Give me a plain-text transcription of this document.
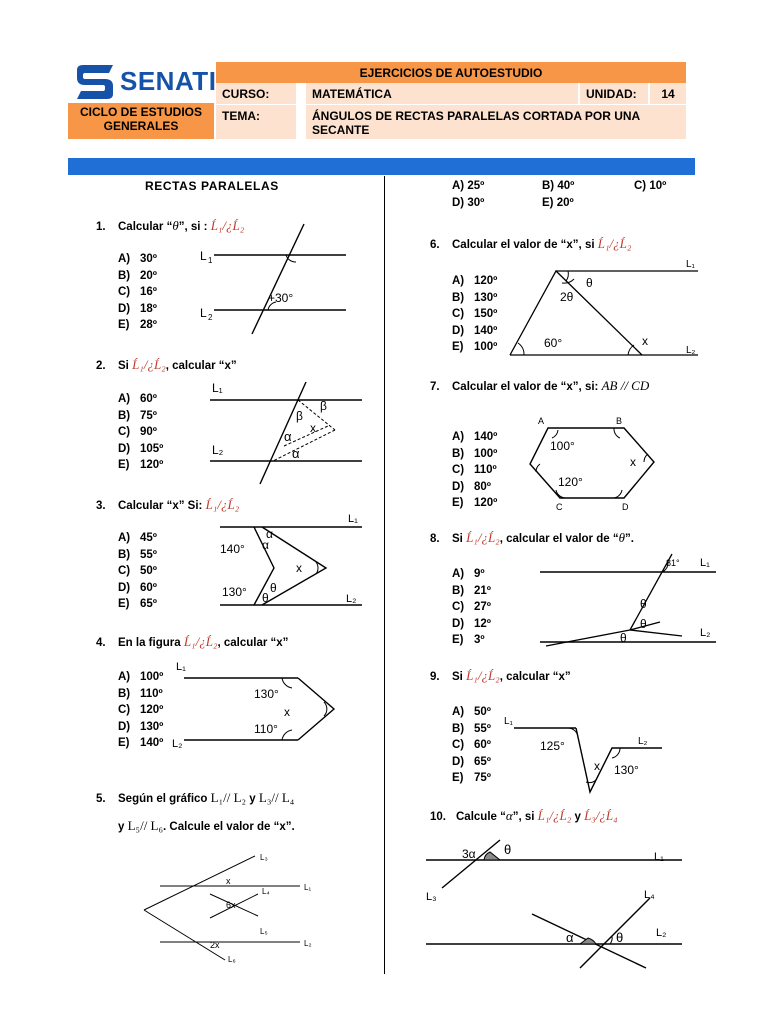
SENATI	EJERCICIOS DE AUTOESTUDIO
CICLO DE ESTUDIOS GENERALES
CURSO:	MATEMÁTICA	UNIDAD:	14
TEMA:	ÁNGULOS DE RECTAS PARALELAS CORTADA POR UNA SECANTE
RECTAS PARALELAS
1. Calcular “θ”, si : Ĺ₁/¿Ĺ₂
A) 30º
B) 20º
C) 16º
D) 18º
E) 28º
L 1
L 2
+30°
2. Si Ĺ₁/¿Ĺ₂, calcular “x”
A) 60º
B) 75º
C) 90º
D) 105º
E) 120º
L₁
L₂
β
β
x
α
α
3. Calcular “x” Si: Ĺ₁/¿Ĺ₂
A) 45º
B) 55º
C) 50º
D) 60º
E) 65º
L₁
L₂
140°
130°
α
α
x
θ
θ
4. En la figura Ĺ₁/¿Ĺ₂, calcular “x”
A) 100º
B) 110º
C) 120º
D) 130º
E) 140º
L₁
L₂
130°
x
110°
5. Según el gráfico L₁// L₂ y L₃// L₄
y L₅// L₆. Calcule el valor de “x”.
L₃
L₁
L₄
L₅
L₂
L₆
x
6x
2x
A) 25º	B) 40º	C) 10º
D) 30º	E) 20º
6. Calcular el valor de “x”, si Ĺ₁/¿Ĺ₂
A) 120º
B) 130º
C) 150º
D) 140º
E) 100º
L₁
L₂
θ
2θ
60°	x
7. Calcular el valor de “x”, si: AB // CD
A) 140º
B) 100º
C) 110º
D) 80º
E) 120º
A	B
C	D
100°
x
120°
8. Si Ĺ₁/¿Ĺ₂, calcular el valor de “θ”.
A) 9º
B) 21º
C) 27º
D) 12º
E) 3º
81° L₁
L₂
θ
θ
θ
9. Si Ĺ₁/¿Ĺ₂, calcular “x”
A) 50º
B) 55º
C) 60º
D) 65º
E) 75º
L₁
L₂
125°
x 130°
10. Calcule “α”, si Ĺ₁/¿Ĺ₂ y Ĺ₃/¿Ĺ₄
3α θ	L₁
L₃	L₄
L₂
α	θ
